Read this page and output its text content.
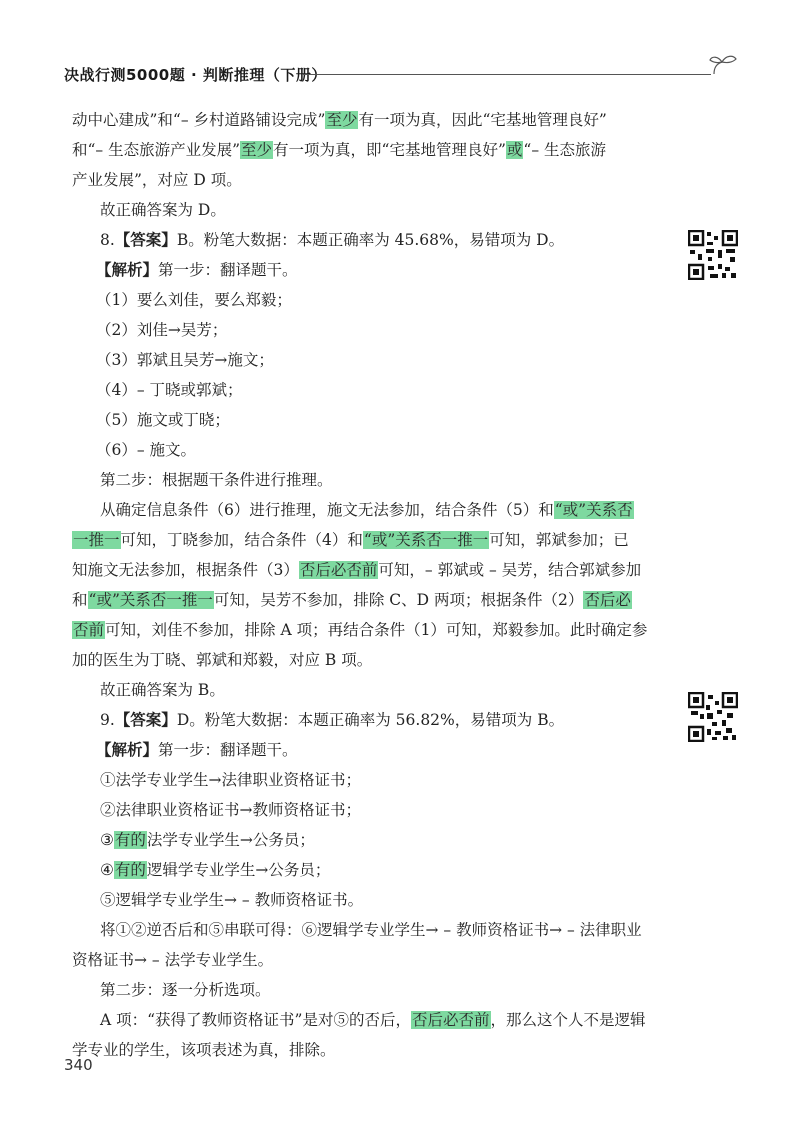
决战行测5000题 · 判断推理（下册）
动中心建成”和“– 乡村道路铺设完成”至少有一项为真，因此“宅基地管理良好”
和“– 生态旅游产业发展”至少有一项为真，即“宅基地管理良好”或“– 生态旅游
产业发展”，对应 D 项。
故正确答案为 D。
8.【答案】B。粉笔大数据：本题正确率为 45.68%，易错项为 D。
【解析】第一步：翻译题干。
（1）要么刘佳，要么郑毅；
（2）刘佳→吴芳；
（3）郭斌且吴芳→施文；
（4）– 丁晓或郭斌；
（5）施文或丁晓；
（6）– 施文。
第二步：根据题干条件进行推理。
从确定信息条件（6）进行推理，施文无法参加，结合条件（5）和“或”关系否
一推一可知，丁晓参加，结合条件（4）和“或”关系否一推一可知，郭斌参加；已
知施文无法参加，根据条件（3）否后必否前可知，– 郭斌或 – 吴芳，结合郭斌参加
和“或”关系否一推一可知，吴芳不参加，排除 C、D 两项；根据条件（2）否后必
否前可知，刘佳不参加，排除 A 项；再结合条件（1）可知，郑毅参加。此时确定参
加的医生为丁晓、郭斌和郑毅，对应 B 项。
故正确答案为 B。
9.【答案】D。粉笔大数据：本题正确率为 56.82%，易错项为 B。
【解析】第一步：翻译题干。
①法学专业学生→法律职业资格证书；
②法律职业资格证书→教师资格证书；
③有的法学专业学生→公务员；
④有的逻辑学专业学生→公务员；
⑤逻辑学专业学生→ – 教师资格证书。
将①②逆否后和⑤串联可得：⑥逻辑学专业学生→ – 教师资格证书→ – 法律职业
资格证书→ – 法学专业学生。
第二步：逐一分析选项。
A 项：“获得了教师资格证书”是对⑤的否后，否后必否前，那么这个人不是逻辑
学专业的学生，该项表述为真，排除。
340
